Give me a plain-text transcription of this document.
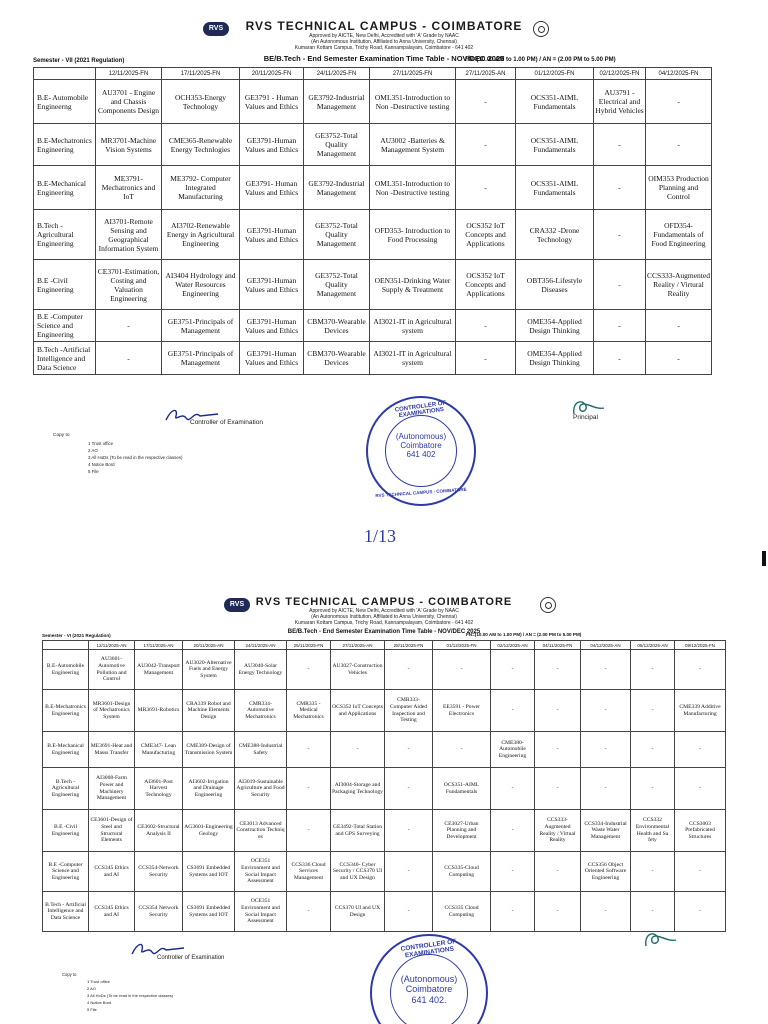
RVS	RVS TECHNICAL CAMPUS - COIMBATORE
Approved by AICTE, New Delhi, Accredited with 'A' Grade by NAAC
(An Autonomous Institution, Affiliated to Anna University, Chennai)
Kumaran Kottam Campus, Trichy Road, Kannampalayam, Coimbatore - 641 402
BE/B.Tech - End Semester Examination Time Table - NOV/DEC 2025
Semester - VII (2021 Regulation)	FN=(10.00 AM to 1.00 PM) / AN = (2.00 PM to 5.00 PM)
	12/11/2025-FN	17/11/2025-FN	20/11/2025-FN	24/11/2025-FN	27/11/2025-FN	27/11/2025-AN	01/12/2025-FN	02/12/2025-FN	04/12/2025-FN
B.E- Automobile Engineerng	AU3701 - Engine and Chassis Components Design	OCH353-Energy Technology	GE3791 - Human Values and Ethics	GE3792-Industrial Management	OML351-Introduction to Non -Destructive testing	-	OCS351-AIML Fundamentals	AU3791 - Electrical and Hybrid Vehicles	-
B.E-Mechatronics Engineering	MR3701-Machine Vision Systems	CME365-Renewable Energy Technlogies	GE3791-Human Values and Ethics	GE3752-Total Quality Management	AU3002 -Batteries & Management System	-	OCS351-AIML Fundamentals	-	-
B.E-Mechanical Engineering	ME3791-Mechatronics and IoT	ME3792- Computer Integrated Manufacturing	GE3791- Human Values and Ethics	GE3792-Industrial Management	OML351-Introduction to Non -Destructive testing	-	OCS351-AIML Fundamentals	-	OIM353 Production Planning and Control
B.Tech - Agricultural Engineering	AI3701-Remote Sensing and Geographical Information System	AI3702-Renewable Energy in Agricultural Engineering	GE3791-Human Values and Ethics	GE3752-Total Quality Management	OFD353- Introduction to Food Processing	OCS352 IoT Concepts and Applications	CRA332 -Drone Technology	-	OFD354-Fundamentals of Food Engineering
B.E -Civil Engineering	CE3701-Estimation, Costing and Valuation Engineering	AI3404 Hydrology and Water Resources Engineering	GE3791-Human Values and Ethics	GE3752-Total Quality Management	OEN351-Drinking Water Supply & Treatment	OCS352 IoT Concepts and Applications	OBT356-Lifestyle Diseases	-	CCS333-Augmented Reality / Virtural Reality
B.E -Computer Science and Engineering	-	GE3751-Principals of Management	GE3791-Human Values and Ethics	CBM370-Wearable Devices	AI3021-IT in Agricultural system	-	OME354-Applied Design Thinking	-	-
B.Tech -Artificial Intelligence and Data Science	-	GE3751-Principals of Management	GE3791-Human Values and Ethics	CBM370-Wearable Devices	AI3021-IT in Agricultural system	-	OME354-Applied Design Thinking	-	-
Controller of Examination
Principal
Copy to
1 Trust office
2 AO
3 All HoDs (To be read in the respective classes)
4 Notice Bord
5 File
CONTROLLER OF EXAMINATIONS
(Autonomous)
Coimbatore
641 402
RVS TECHNICAL CAMPUS - COIMBATORE
1/13
RVS	RVS TECHNICAL CAMPUS - COIMBATORE
Approved by AICTE, New Delhi, Accredited with 'A' Grade by NAAC
(An Autonomous Institution, Affiliated to Anna University, Chennai)
Kumaran Kottam Campus, Trichy Road, Kannampalayam, Coimbatore - 641 402
BE/B.Tech - End Semester Examination Time Table - NOV/DEC 2025
Semester - VI (2021 Regulation)	FN=(10.00 AM to 1.00 PM) / AN = (2.00 PM to 5.00 PM)
	12/11/2025-AN	17/11/2025-AN	20/11/2025-AN	24/11/2025-AN	25/11/2025-FN	27/11/2025-AN	28/11/2025-FN	01/12/2025-FN	02/12/2025-AN	04/11/2025-FN	04/12/2025-AN	05/12/2025-AN	09/12/2025-FN
B.E-Automobile Engineering	AU3601-Automotive Pollution and Control	AU3042-Transport Management	AU3020-Alternative Fuels and Energy System	AU3040-Solar Energy Technology	-	AU3027-Construction Vehicles	-	-	-	-	-	-	-
B.E-Mechatronics Engineering	MR3601-Design of Mechatronics System	MR3691-Robotics	CRA339 Robot and Machine Elements Design	CMR334-Automotive Mechatronics	CMR335 - Medical Mechatronics	OCS352 IoT Concepts and Applications	CMR333-Computer Aided Inspection and Testing	EE3591 - Power Electronics	-	-	-	-	CME339 Additive Manufacturing
B.E-Mechanical Engineering	ME3691-Heat and Masss Transfer	CME347- Lean Manufacturing	CME389-Design of Transmission System	CME388-Industrial Safety	-	-	-	-	CME380-Automobile Engineering	-	-	-	-
B.Tech - Agricultural Engineering	AI3008-Farm Power and Machinery Management	AI3601-Post Harvest Technology	AI3602-Irrigation and Drainage Engineering	AI3019-Sustainable Agriculture and Food Security	-	AI3004-Storage and Packaging Technology	-	OCS351-AIML Fundamentals	-	-	-	-	-
B.E -Civil Engineering	CE3601-Design of Steel and Structural Elements	CE3602-Structural Analysis II	AG3601-Engineering Geology	CE3013 Advanced Construction Techniq es	-	GE3492-Total Station and GPS Surveying	-	CE3027-Urban Planning and Development	-	CCS333-Augmented Reality / Virtual Reality	CCS334-Industrial Waste Water Management	CCS332 Environmental Health and Sa fety	CCS3003 Prefabricated Structures
B.E -Computer Science and Engineering	CCS345 Ethics and AI	CCS354-Network Security	CS3691 Embedded Systems and IOT	OCE351 Environment and Social Impact Assessment	CCS336 Cloud Services Management	CCS340- Cyber Security / CCS370 UI and UX Design	-	CCS335-Cloud Computing	-	-	CCS356 Object Oriented Software Engineering	-	-
B.Tech - Artificial Intelligence and Data Science	CCS345 Ethics and AI	CCS354 Network Security	CS3691 Embedded Systems and IOT	OCE351 Environment and Social Impact Assessment	-	CCS370 UI and UX Design	-	CCS335 Cloud Computing	-	-	-	-	-
Controller of Examination
Copy to
1 Trust office
2 AO
3 All HoDs (To be read in the respective classes)
4 Notice Bord
5 File
CONTROLLER OF EXAMINATIONS
(Autonomous)
Coimbatore
641 402.
